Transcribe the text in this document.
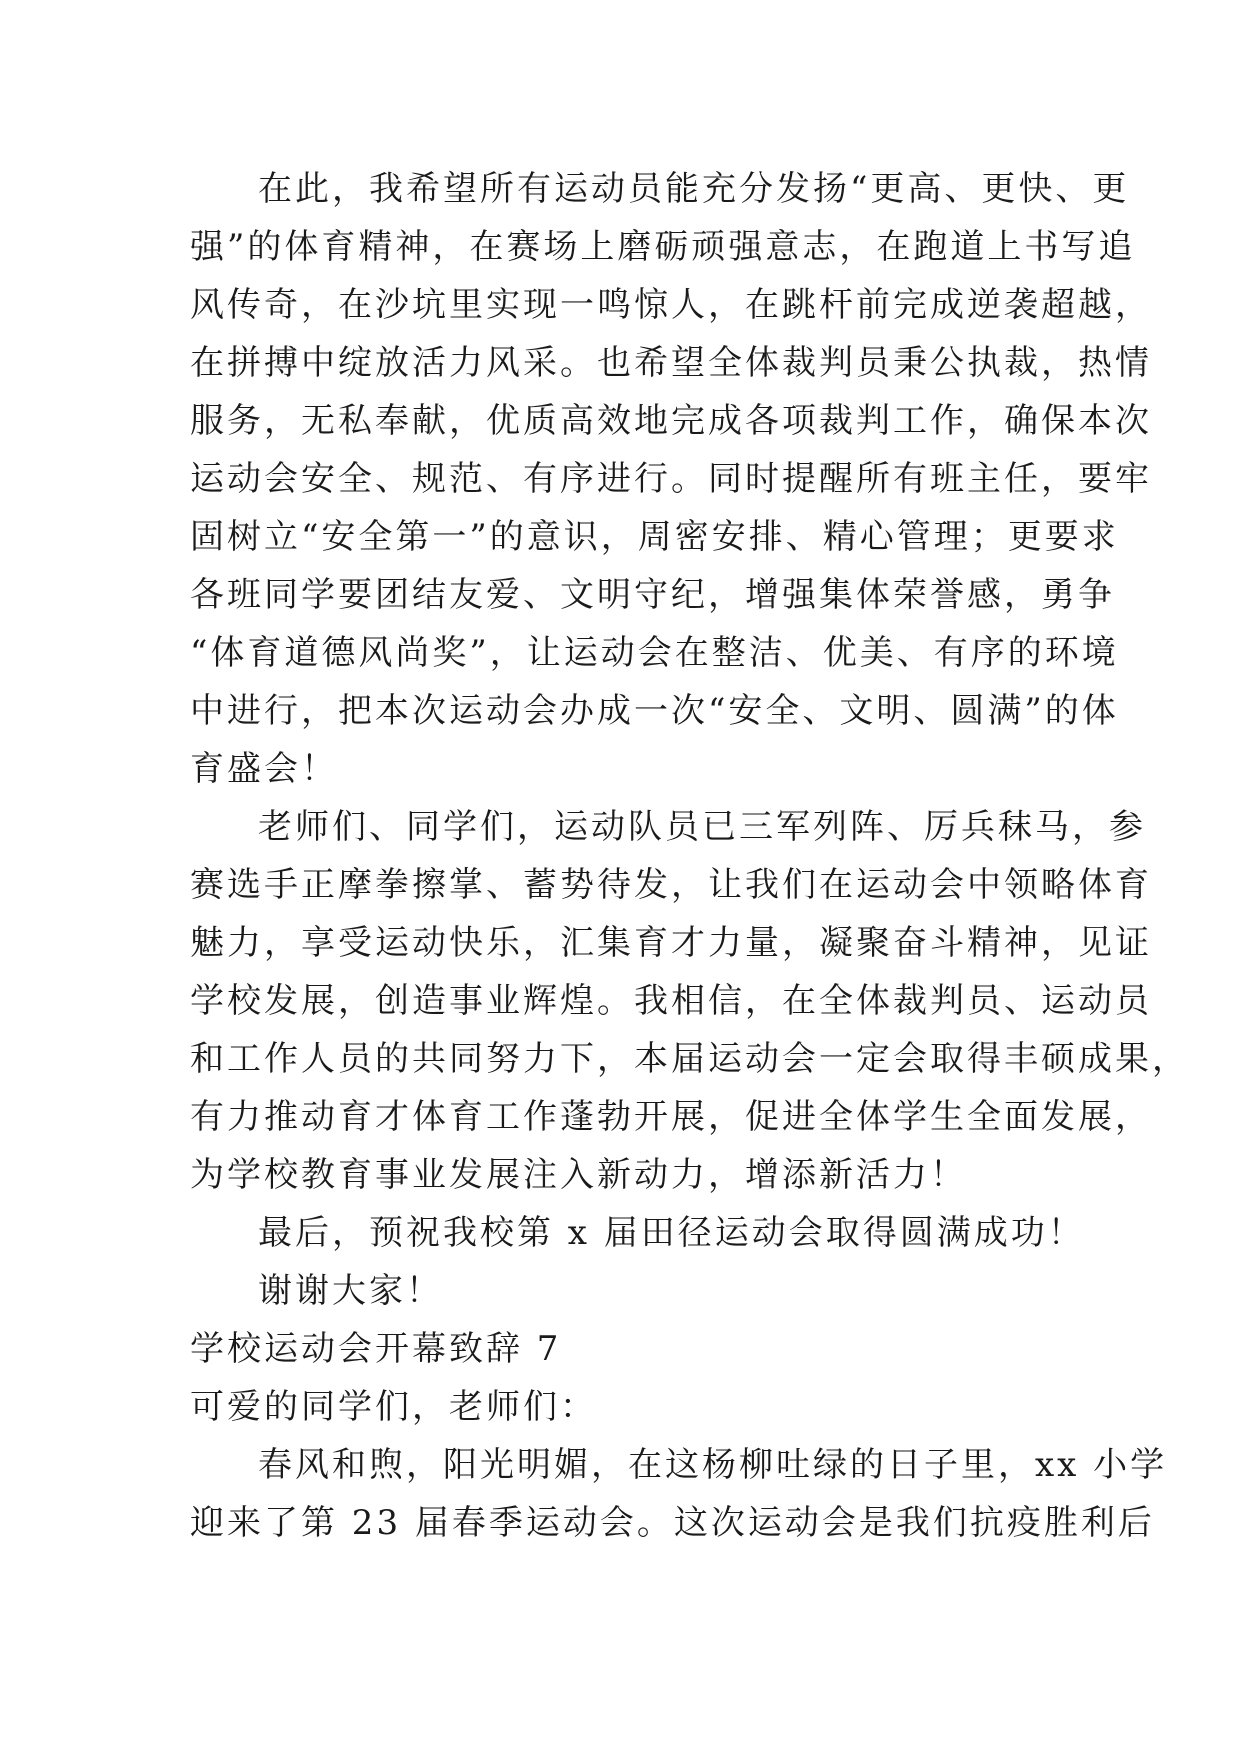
在此，我希望所有运动员能充分发扬“更高、更快、更
强”的体育精神，在赛场上磨砺顽强意志，在跑道上书写追
风传奇，在沙坑里实现一鸣惊人，在跳杆前完成逆袭超越，
在拼搏中绽放活力风采。也希望全体裁判员秉公执裁，热情
服务，无私奉献，优质高效地完成各项裁判工作，确保本次
运动会安全、规范、有序进行。同时提醒所有班主任，要牢
固树立“安全第一”的意识，周密安排、精心管理；更要求
各班同学要团结友爱、文明守纪，增强集体荣誉感，勇争
“体育道德风尚奖”，让运动会在整洁、优美、有序的环境
中进行，把本次运动会办成一次“安全、文明、圆满”的体
育盛会！
老师们、同学们，运动队员已三军列阵、厉兵秣马，参
赛选手正摩拳擦掌、蓄势待发，让我们在运动会中领略体育
魅力，享受运动快乐，汇集育才力量，凝聚奋斗精神，见证
学校发展，创造事业辉煌。我相信，在全体裁判员、运动员
和工作人员的共同努力下，本届运动会一定会取得丰硕成果，
有力推动育才体育工作蓬勃开展，促进全体学生全面发展，
为学校教育事业发展注入新动力，增添新活力！
最后，预祝我校第 x 届田径运动会取得圆满成功！
谢谢大家！
学校运动会开幕致辞 7
可爱的同学们，老师们：
春风和煦，阳光明媚，在这杨柳吐绿的日子里，xx 小学
迎来了第 23 届春季运动会。这次运动会是我们抗疫胜利后
